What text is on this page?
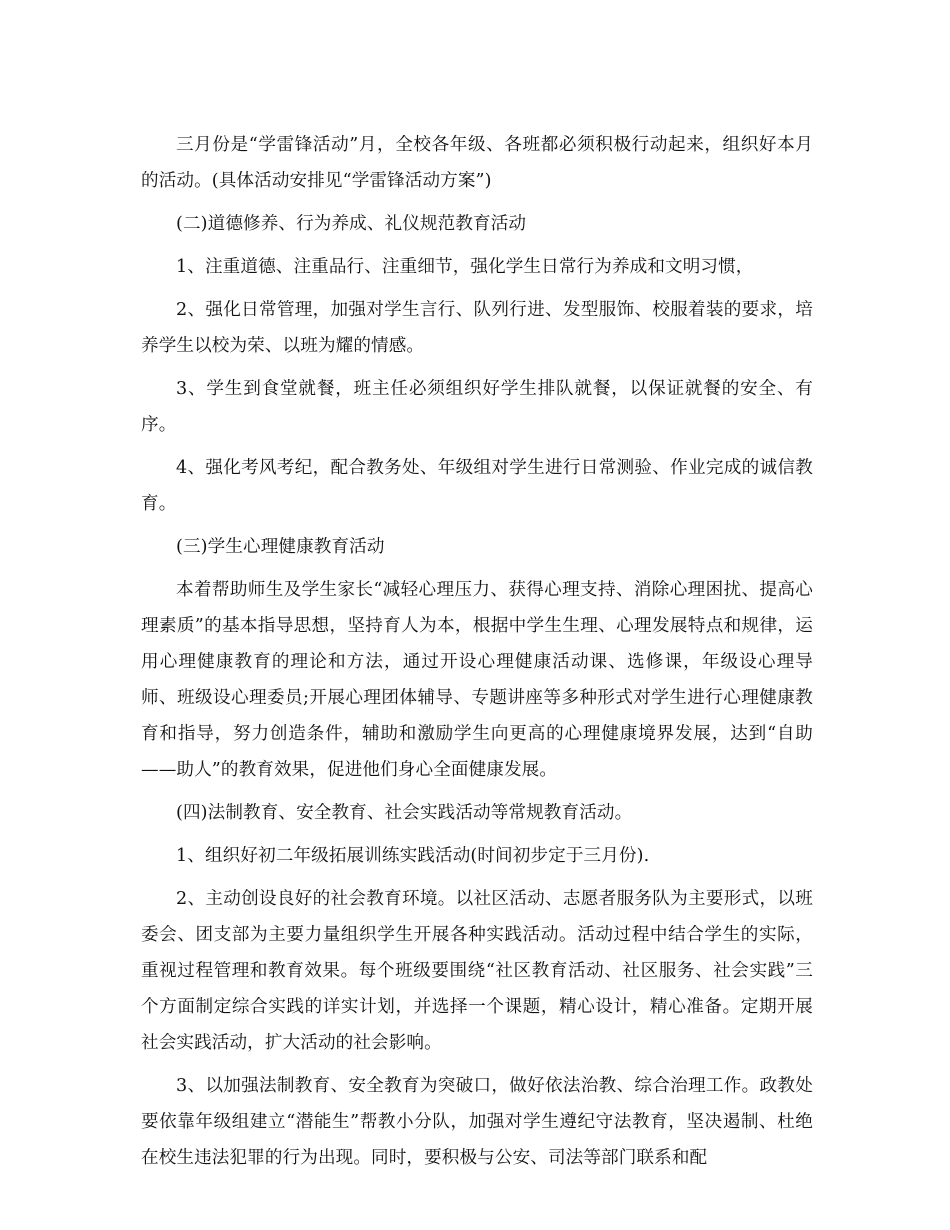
三月份是“学雷锋活动”月，全校各年级、各班都必须积极行动起来，组织好本月的活动。(具体活动安排见“学雷锋活动方案”)

(二)道德修养、行为养成、礼仪规范教育活动

1、注重道德、注重品行、注重细节，强化学生日常行为养成和文明习惯，

2、强化日常管理，加强对学生言行、队列行进、发型服饰、校服着装的要求，培养学生以校为荣、以班为耀的情感。

3、学生到食堂就餐，班主任必须组织好学生排队就餐，以保证就餐的安全、有序。

4、强化考风考纪，配合教务处、年级组对学生进行日常测验、作业完成的诚信教育。

(三)学生心理健康教育活动

本着帮助师生及学生家长“减轻心理压力、获得心理支持、消除心理困扰、提高心理素质”的基本指导思想，坚持育人为本，根据中学生生理、心理发展特点和规律，运用心理健康教育的理论和方法，通过开设心理健康活动课、选修课，年级设心理导师、班级设心理委员;开展心理团体辅导、专题讲座等多种形式对学生进行心理健康教育和指导，努力创造条件，辅助和激励学生向更高的心理健康境界发展，达到“自助——助人”的教育效果，促进他们身心全面健康发展。

(四)法制教育、安全教育、社会实践活动等常规教育活动。

1、组织好初二年级拓展训练实践活动(时间初步定于三月份).

2、主动创设良好的社会教育环境。以社区活动、志愿者服务队为主要形式，以班委会、团支部为主要力量组织学生开展各种实践活动。活动过程中结合学生的实际，重视过程管理和教育效果。每个班级要围绕“社区教育活动、社区服务、社会实践”三个方面制定综合实践的详实计划，并选择一个课题，精心设计，精心准备。定期开展社会实践活动，扩大活动的社会影响。

3、以加强法制教育、安全教育为突破口，做好依法治教、综合治理工作。政教处要依靠年级组建立“潜能生”帮教小分队，加强对学生遵纪守法教育，坚决遏制、杜绝在校生违法犯罪的行为出现。同时，要积极与公安、司法等部门联系和配
